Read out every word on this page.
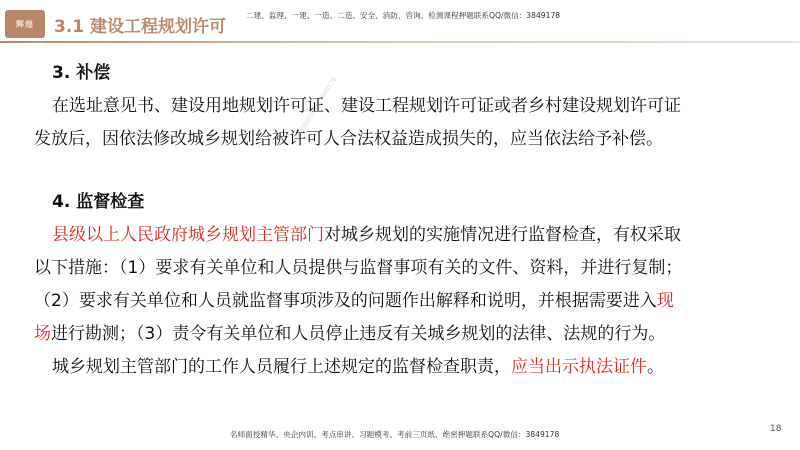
辉煌 3.1 建设工程规划许可
二建、监理、一建、一造、二造、安全、消防、咨询、检测课程押题联系QQ/微信：3849178
如有押题联系微信 3849178
3. 补偿
在选址意见书、建设用地规划许可证、建设工程规划许可证或者乡村建设规划许可证
发放后，因依法修改城乡规划给被许可人合法权益造成损失的，应当依法给予补偿。
4. 监督检查
县级以上人民政府城乡规划主管部门对城乡规划的实施情况进行监督检查，有权采取
以下措施：（1）要求有关单位和人员提供与监督事项有关的文件、资料，并进行复制；
（2）要求有关单位和人员就监督事项涉及的问题作出解释和说明，并根据需要进入现
场进行勘测；（3）责令有关单位和人员停止违反有关城乡规划的法律、法规的行为。
城乡规划主管部门的工作人员履行上述规定的监督检查职责，应当出示执法证件。
名师面授精华、央企内训、考点串讲、习题模考、考前三页纸、绝密押题联系QQ/微信：3849178
18
